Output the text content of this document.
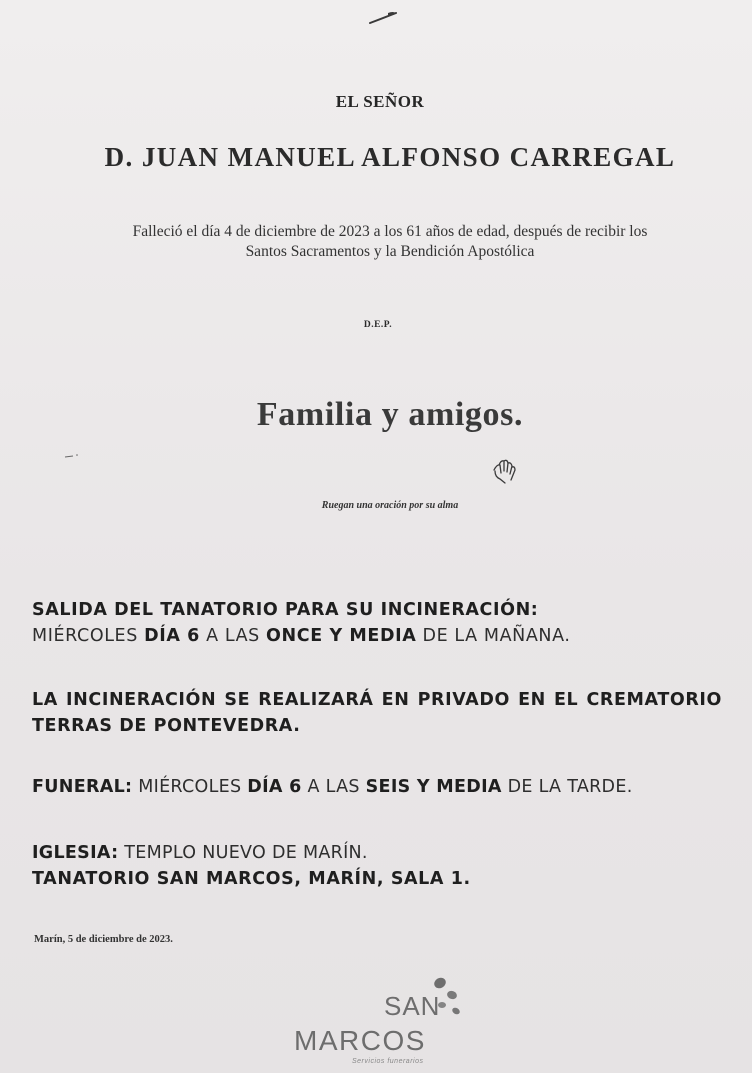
EL SEÑOR
D. JUAN MANUEL ALFONSO CARREGAL
Falleció el día 4 de diciembre de 2023 a los 61 años de edad, después de recibir los
Santos Sacramentos y la Bendición Apostólica
D.E.P.
Familia y amigos.
Ruegan una oración por su alma
SALIDA DEL TANATORIO PARA SU INCINERACIÓN:
MIÉRCOLES DÍA 6 A LAS ONCE Y MEDIA DE LA MAÑANA.
LA INCINERACIÓN SE REALIZARÁ EN PRIVADO EN EL CREMATORIO TERRAS DE PONTEVEDRA.
FUNERAL: MIÉRCOLES DÍA 6 A LAS SEIS Y MEDIA DE LA TARDE.
IGLESIA: TEMPLO NUEVO DE MARÍN.
TANATORIO SAN MARCOS, MARÍN, SALA 1.
Marín, 5 de diciembre de 2023.
SAN
MARCOS
Servicios funerarios
